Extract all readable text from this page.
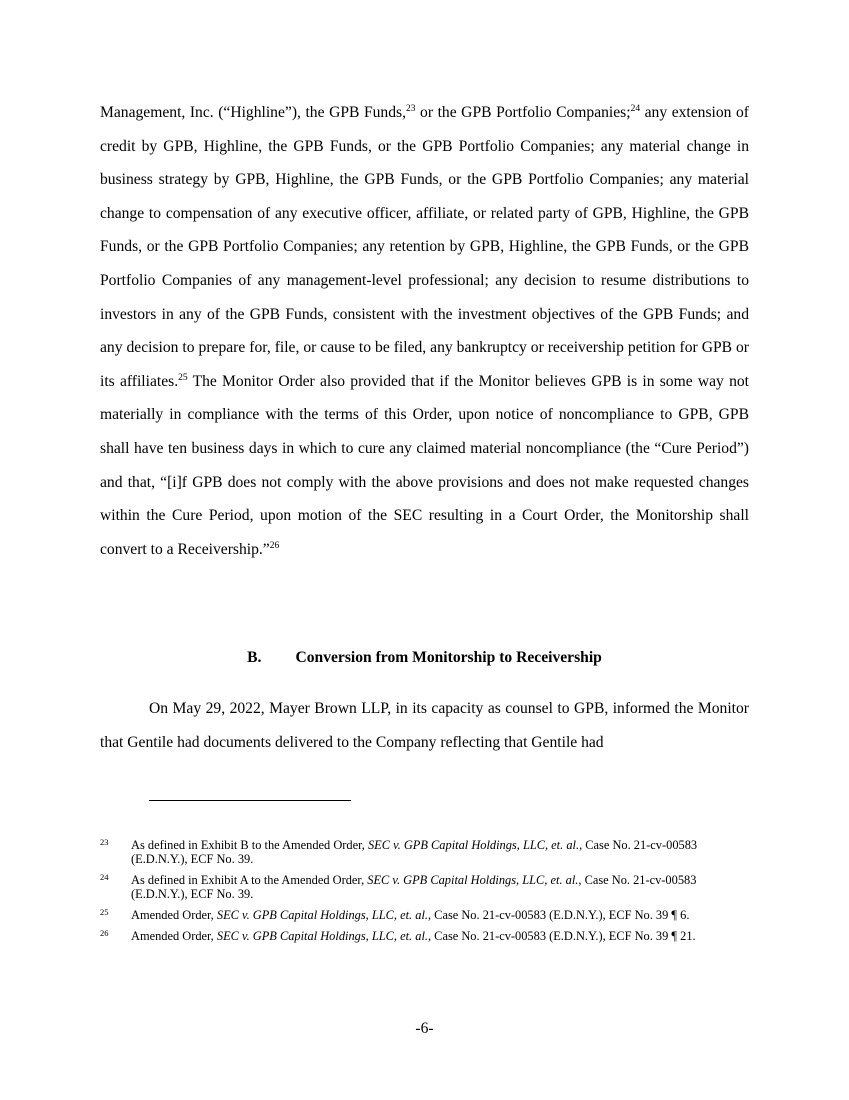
Management, Inc. (“Highline”), the GPB Funds,$^{23}$ or the GPB Portfolio Companies;$^{24}$ any extension of credit by GPB, Highline, the GPB Funds, or the GPB Portfolio Companies; any material change in business strategy by GPB, Highline, the GPB Funds, or the GPB Portfolio Companies; any material change to compensation of any executive officer, affiliate, or related party of GPB, Highline, the GPB Funds, or the GPB Portfolio Companies; any retention by GPB, Highline, the GPB Funds, or the GPB Portfolio Companies of any management-level professional; any decision to resume distributions to investors in any of the GPB Funds, consistent with the investment objectives of the GPB Funds; and any decision to prepare for, file, or cause to be filed, any bankruptcy or receivership petition for GPB or its affiliates.$^{25}$ The Monitor Order also provided that if the Monitor believes GPB is in some way not materially in compliance with the terms of this Order, upon notice of noncompliance to GPB, GPB shall have ten business days in which to cure any claimed material noncompliance (the “Cure Period”) and that, “[i]f GPB does not comply with the above provisions and does not make requested changes within the Cure Period, upon motion of the SEC resulting in a Court Order, the Monitorship shall convert to a Receivership.”$^{26}$

B. Conversion from Monitorship to Receivership

On May 29, 2022, Mayer Brown LLP, in its capacity as counsel to GPB, informed the Monitor that Gentile had documents delivered to the Company reflecting that Gentile had

23 As defined in Exhibit B to the Amended Order, SEC v. GPB Capital Holdings, LLC, et. al., Case No. 21-cv-00583 (E.D.N.Y.), ECF No. 39.
24 As defined in Exhibit A to the Amended Order, SEC v. GPB Capital Holdings, LLC, et. al., Case No. 21-cv-00583 (E.D.N.Y.), ECF No. 39.
25 Amended Order, SEC v. GPB Capital Holdings, LLC, et. al., Case No. 21-cv-00583 (E.D.N.Y.), ECF No. 39 ¶ 6.
26 Amended Order, SEC v. GPB Capital Holdings, LLC, et. al., Case No. 21-cv-00583 (E.D.N.Y.), ECF No. 39 ¶ 21.
-6-
